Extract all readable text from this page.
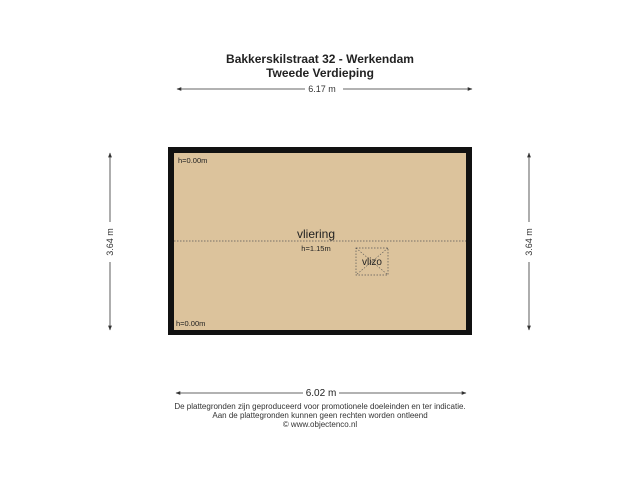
Bakkerskilstraat 32 - Werkendam
Tweede Verdieping
6.17 m
3.64 m	3.64 m
vlizo
h=0.00m
vliering
h=1.15m
h=0.00m
6.02 m
De plattegronden zijn geproduceerd voor promotionele doeleinden en ter indicatie.
Aan de plattegronden kunnen geen rechten worden ontleend
© www.objectenco.nl
